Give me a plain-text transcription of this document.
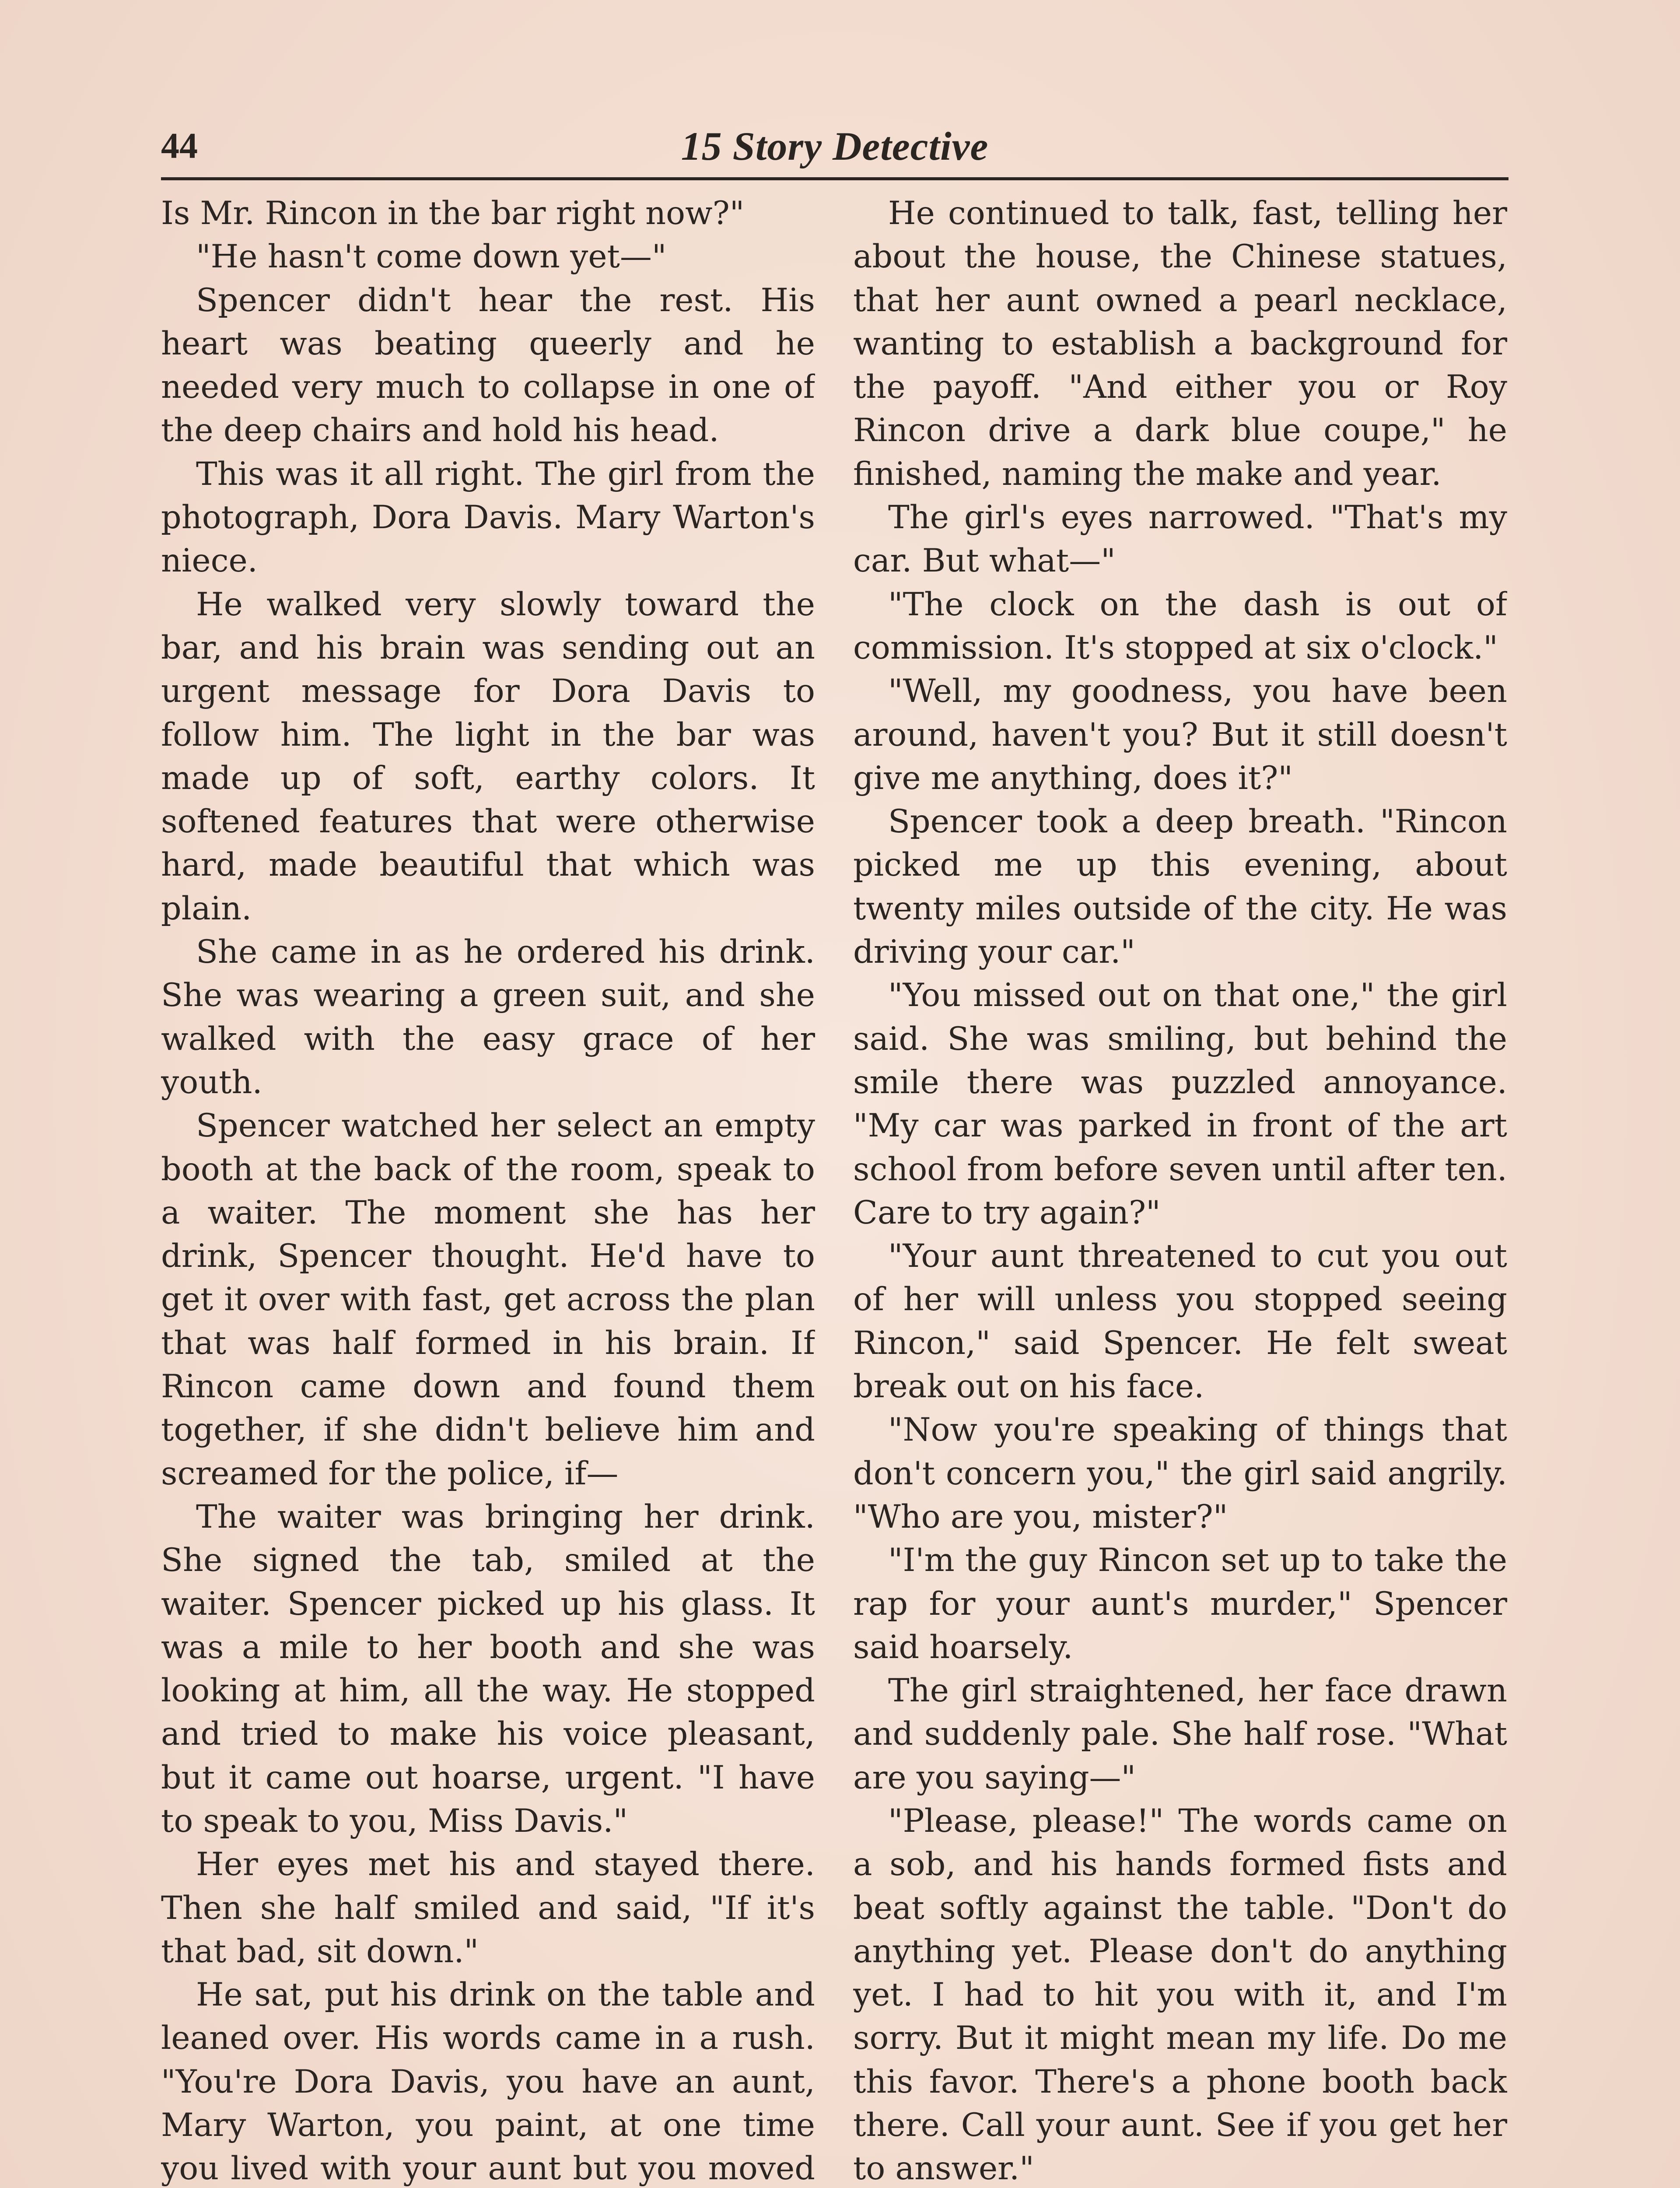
44	15 Story Detective

Is Mr. Rincon in the bar right now?"

"He hasn't come down yet—"

Spencer didn't hear the rest. His heart was beating queerly and he needed very much to collapse in one of the deep chairs and hold his head.

This was it all right. The girl from the photograph, Dora Davis. Mary Warton's niece.

He walked very slowly toward the bar, and his brain was sending out an urgent message for Dora Davis to follow him. The light in the bar was made up of soft, earthy colors. It softened features that were otherwise hard, made beautiful that which was plain.

She came in as he ordered his drink. She was wearing a green suit, and she walked with the easy grace of her youth.

Spencer watched her select an empty booth at the back of the room, speak to a waiter. The moment she has her drink, Spencer thought. He'd have to get it over with fast, get across the plan that was half formed in his brain. If Rincon came down and found them together, if she didn't believe him and screamed for the police, if—

The waiter was bringing her drink. She signed the tab, smiled at the waiter. Spencer picked up his glass. It was a mile to her booth and she was looking at him, all the way. He stopped and tried to make his voice pleasant, but it came out hoarse, urgent. "I have to speak to you, Miss Davis."

Her eyes met his and stayed there. Then she half smiled and said, "If it's that bad, sit down."

He sat, put his drink on the table and leaned over. His words came in a rush. "You're Dora Davis, you have an aunt, Mary Warton, you paint, at one time you lived with your aunt but you moved

He continued to talk, fast, telling her about the house, the Chinese statues, that her aunt owned a pearl necklace, wanting to establish a background for the payoff. "And either you or Roy Rincon drive a dark blue coupe," he finished, naming the make and year.

The girl's eyes narrowed. "That's my car. But what—"

"The clock on the dash is out of commission. It's stopped at six o'clock."

"Well, my goodness, you have been around, haven't you? But it still doesn't give me anything, does it?"

Spencer took a deep breath. "Rincon picked me up this evening, about twenty miles outside of the city. He was driving your car."

"You missed out on that one," the girl said. She was smiling, but behind the smile there was puzzled annoyance. "My car was parked in front of the art school from before seven until after ten. Care to try again?"

"Your aunt threatened to cut you out of her will unless you stopped seeing Rincon," said Spencer. He felt sweat break out on his face.

"Now you're speaking of things that don't concern you," the girl said angrily. "Who are you, mister?"

"I'm the guy Rincon set up to take the rap for your aunt's murder," Spencer said hoarsely.

The girl straightened, her face drawn and suddenly pale. She half rose. "What are you saying—"

"Please, please!" The words came on a sob, and his hands formed fists and beat softly against the table. "Don't do anything yet. Please don't do anything yet. I had to hit you with it, and I'm sorry. But it might mean my life. Do me this favor. There's a phone booth back there. Call your aunt. See if you get her to answer."
